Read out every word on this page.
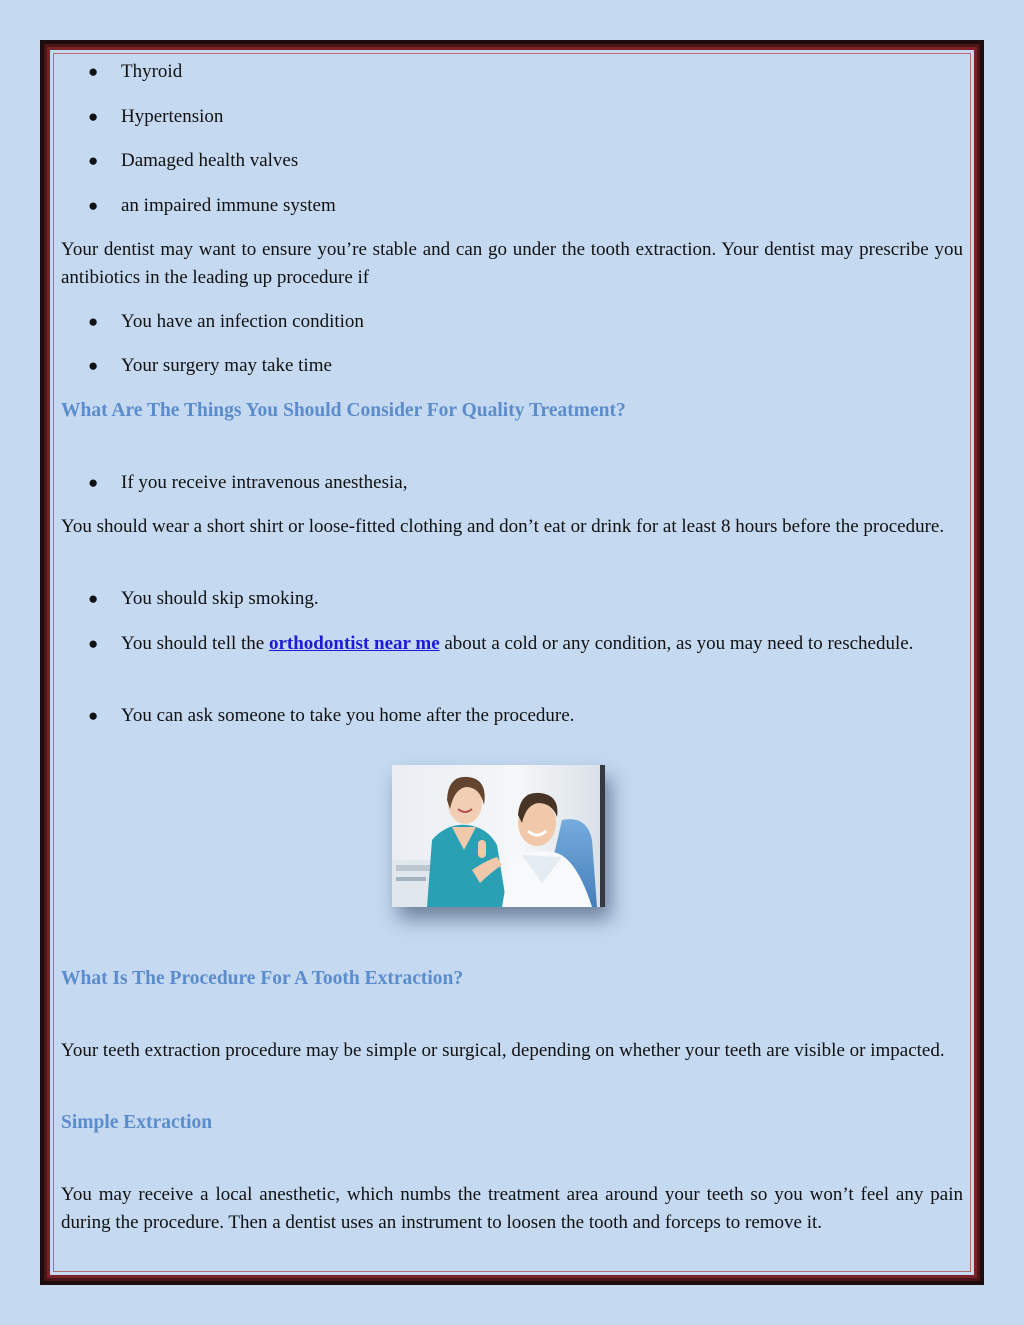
● Thyroid
● Hypertension
● Damaged health valves
● an impaired immune system

Your dentist may want to ensure you’re stable and can go under the tooth extraction. Your dentist may prescribe you antibiotics in the leading up procedure if

● You have an infection condition
● Your surgery may take time
What Are The Things You Should Consider For Quality Treatment?
● If you receive intravenous anesthesia,

You should wear a short shirt or loose-fitted clothing and don’t eat or drink for at least 8 hours before the procedure.

● You should skip smoking.
● You should tell the orthodontist near me about a cold or any condition, as you may need to reschedule.
● You can ask someone to take you home after the procedure.
What Is The Procedure For A Tooth Extraction?

Your teeth extraction procedure may be simple or surgical, depending on whether your teeth are visible or impacted.

Simple Extraction

You may receive a local anesthetic, which numbs the treatment area around your teeth so you won’t feel any pain during the procedure. Then a dentist uses an instrument to loosen the tooth and forceps to remove it.
